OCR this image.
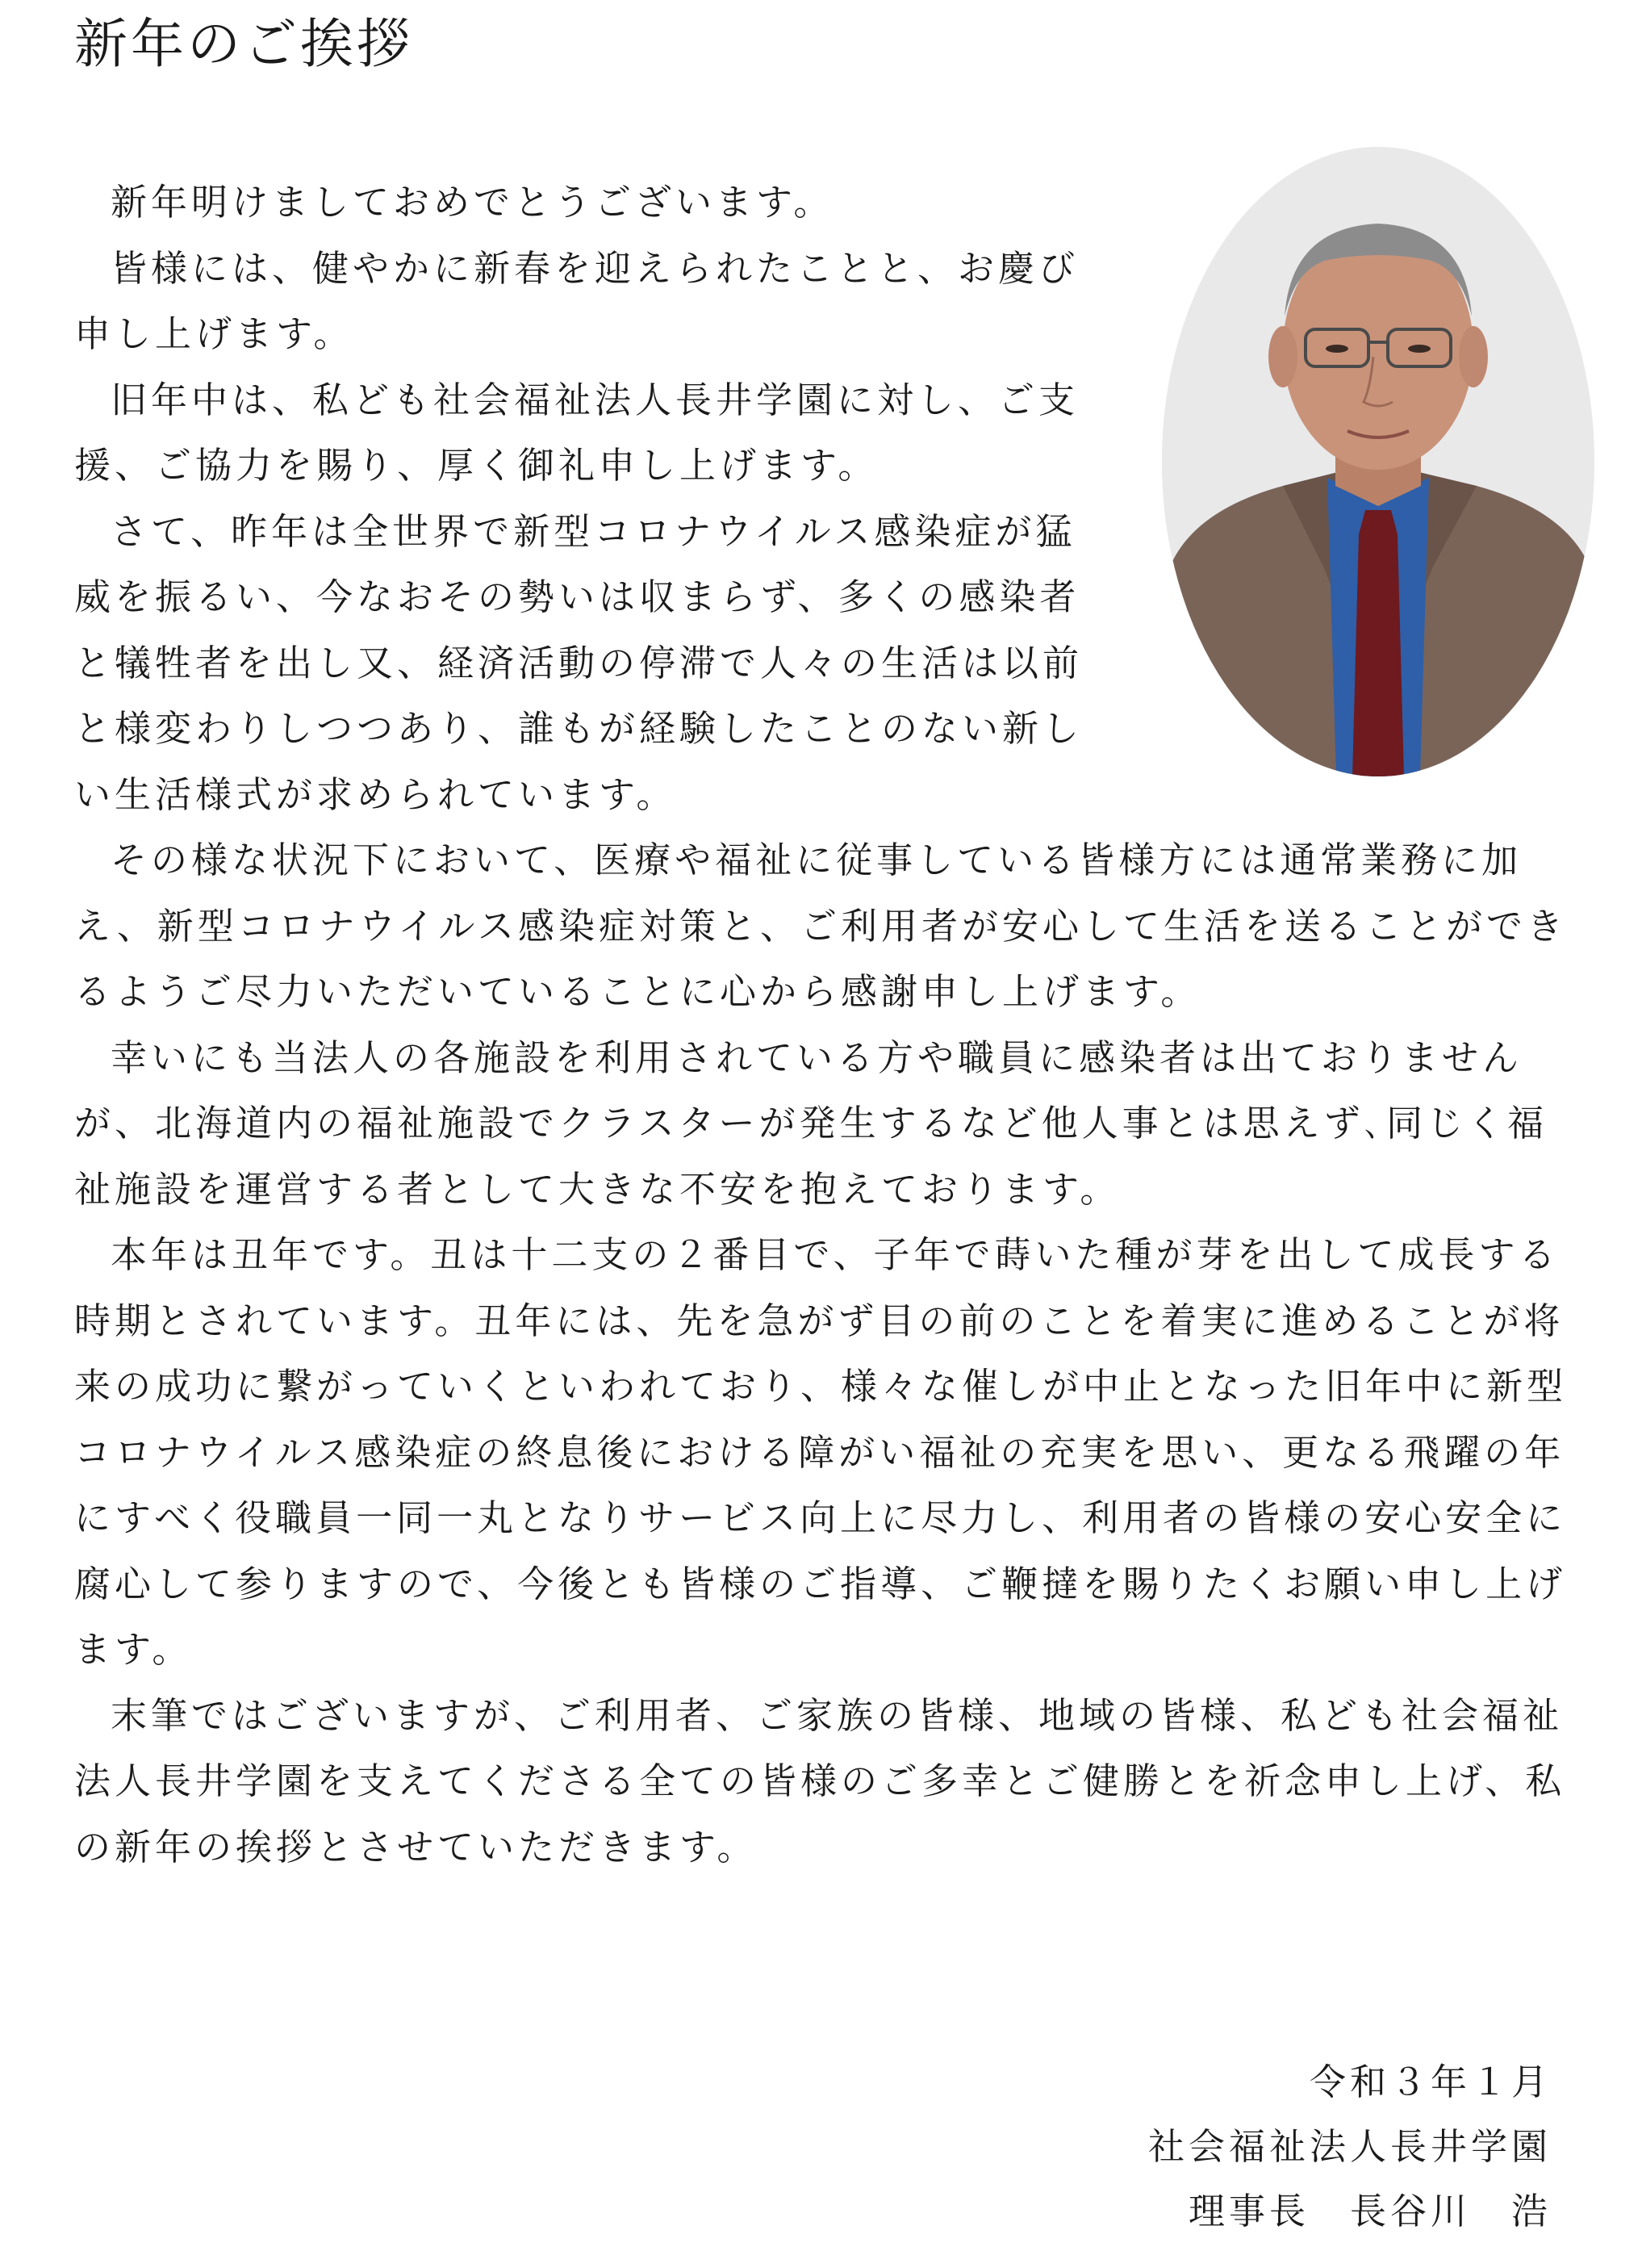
新年のご挨拶

新年明けましておめでとうございます。

皆様には、健やかに新春を迎えられたことと、お慶び申し上げます。

旧年中は、私ども社会福祉法人長井学園に対し、ご支援、ご協力を賜り、厚く御礼申し上げます。

さて、昨年は全世界で新型コロナウイルス感染症が猛威を振るい、今なおその勢いは収まらず、多くの感染者と犠牲者を出し又、経済活動の停滞で人々の生活は以前と様変わりしつつあり、誰もが経験したことのない新しい生活様式が求められています。

その様な状況下において、医療や福祉に従事している皆様方には通常業務に加え、新型コロナウイルス感染症対策と、ご利用者が安心して生活を送ることができるようご尽力いただいていることに心から感謝申し上げます。

幸いにも当法人の各施設を利用されている方や職員に感染者は出ておりませんが、北海道内の福祉施設でクラスターが発生するなど他人事とは思えず､同じく福祉施設を運営する者として大きな不安を抱えております。

本年は丑年です。丑は十二支の２番目で、子年で蒔いた種が芽を出して成長する時期とされています。丑年には、先を急がず目の前のことを着実に進めることが将来の成功に繋がっていくといわれており、様々な催しが中止となった旧年中に新型コロナウイルス感染症の終息後における障がい福祉の充実を思い、更なる飛躍の年にすべく役職員一同一丸となりサービス向上に尽力し、利用者の皆様の安心安全に腐心して参りますので、今後とも皆様のご指導、ご鞭撻を賜りたくお願い申し上げます。

末筆ではございますが、ご利用者、ご家族の皆様、地域の皆様、私ども社会福祉法人長井学園を支えてくださる全ての皆様のご多幸とご健勝とを祈念申し上げ、私の新年の挨拶とさせていただきます。

令和３年１月
社会福祉法人長井学園
理事長　長谷川　浩
